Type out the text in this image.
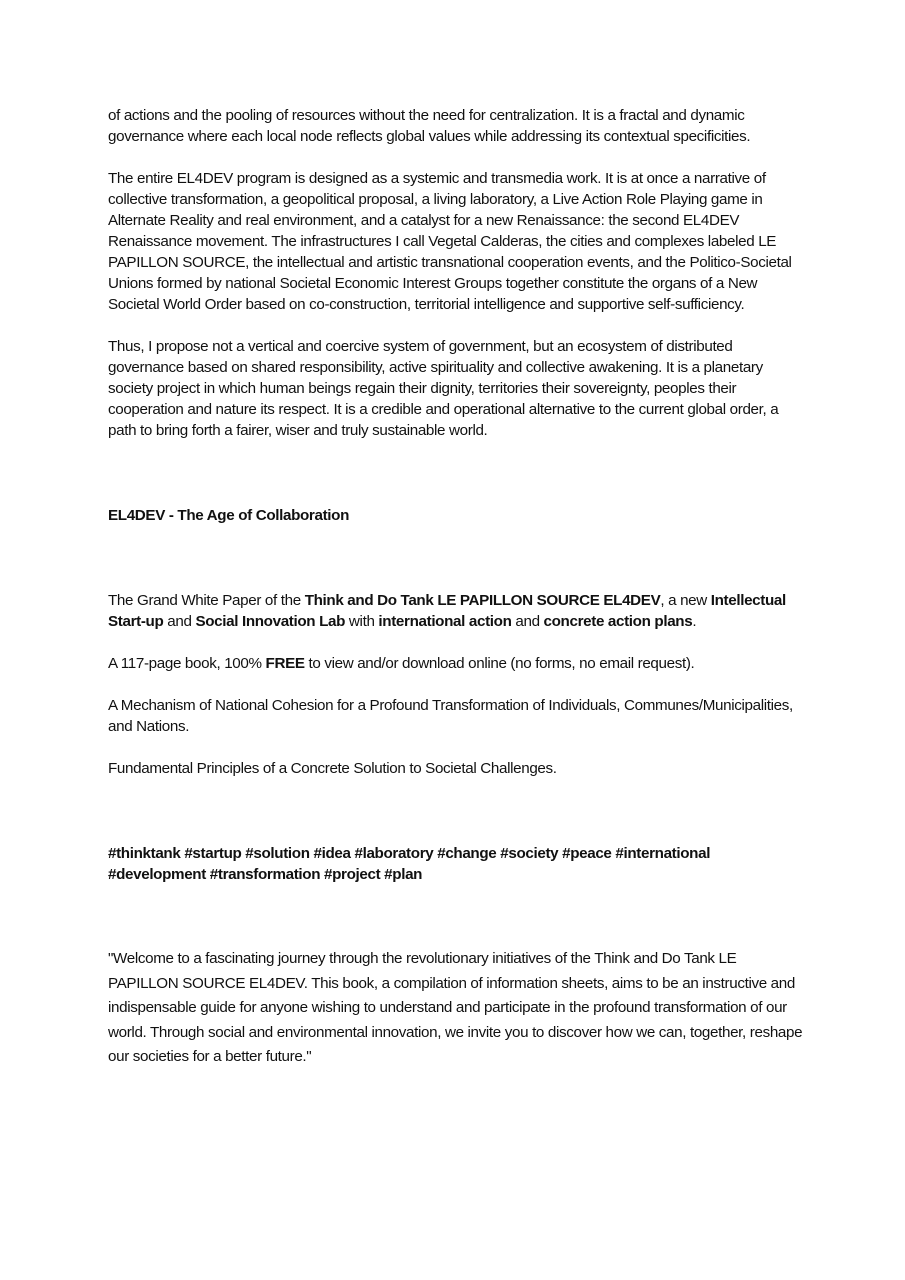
of actions and the pooling of resources without the need for centralization. It is a fractal and dynamic governance where each local node reflects global values while addressing its contextual specificities.

The entire EL4DEV program is designed as a systemic and transmedia work. It is at once a narrative of collective transformation, a geopolitical proposal, a living laboratory, a Live Action Role Playing game in Alternate Reality and real environment, and a catalyst for a new Renaissance: the second EL4DEV Renaissance movement. The infrastructures I call Vegetal Calderas, the cities and complexes labeled LE PAPILLON SOURCE, the intellectual and artistic transnational cooperation events, and the Politico-Societal Unions formed by national Societal Economic Interest Groups together constitute the organs of a New Societal World Order based on co-construction, territorial intelligence and supportive self-sufficiency.

Thus, I propose not a vertical and coercive system of government, but an ecosystem of distributed governance based on shared responsibility, active spirituality and collective awakening. It is a planetary society project in which human beings regain their dignity, territories their sovereignty, peoples their cooperation and nature its respect. It is a credible and operational alternative to the current global order, a path to bring forth a fairer, wiser and truly sustainable world.

EL4DEV - The Age of Collaboration

The Grand White Paper of the Think and Do Tank LE PAPILLON SOURCE EL4DEV, a new Intellectual Start-up and Social Innovation Lab with international action and concrete action plans.

A 117-page book, 100% FREE to view and/or download online (no forms, no email request).

A Mechanism of National Cohesion for a Profound Transformation of Individuals, Communes/Municipalities, and Nations.

Fundamental Principles of a Concrete Solution to Societal Challenges.

#thinktank #startup #solution #idea #laboratory #change #society #peace #international #development #transformation #project #plan

"Welcome to a fascinating journey through the revolutionary initiatives of the Think and Do Tank LE PAPILLON SOURCE EL4DEV. This book, a compilation of information sheets, aims to be an instructive and indispensable guide for anyone wishing to understand and participate in the profound transformation of our world. Through social and environmental innovation, we invite you to discover how we can, together, reshape our societies for a better future."
